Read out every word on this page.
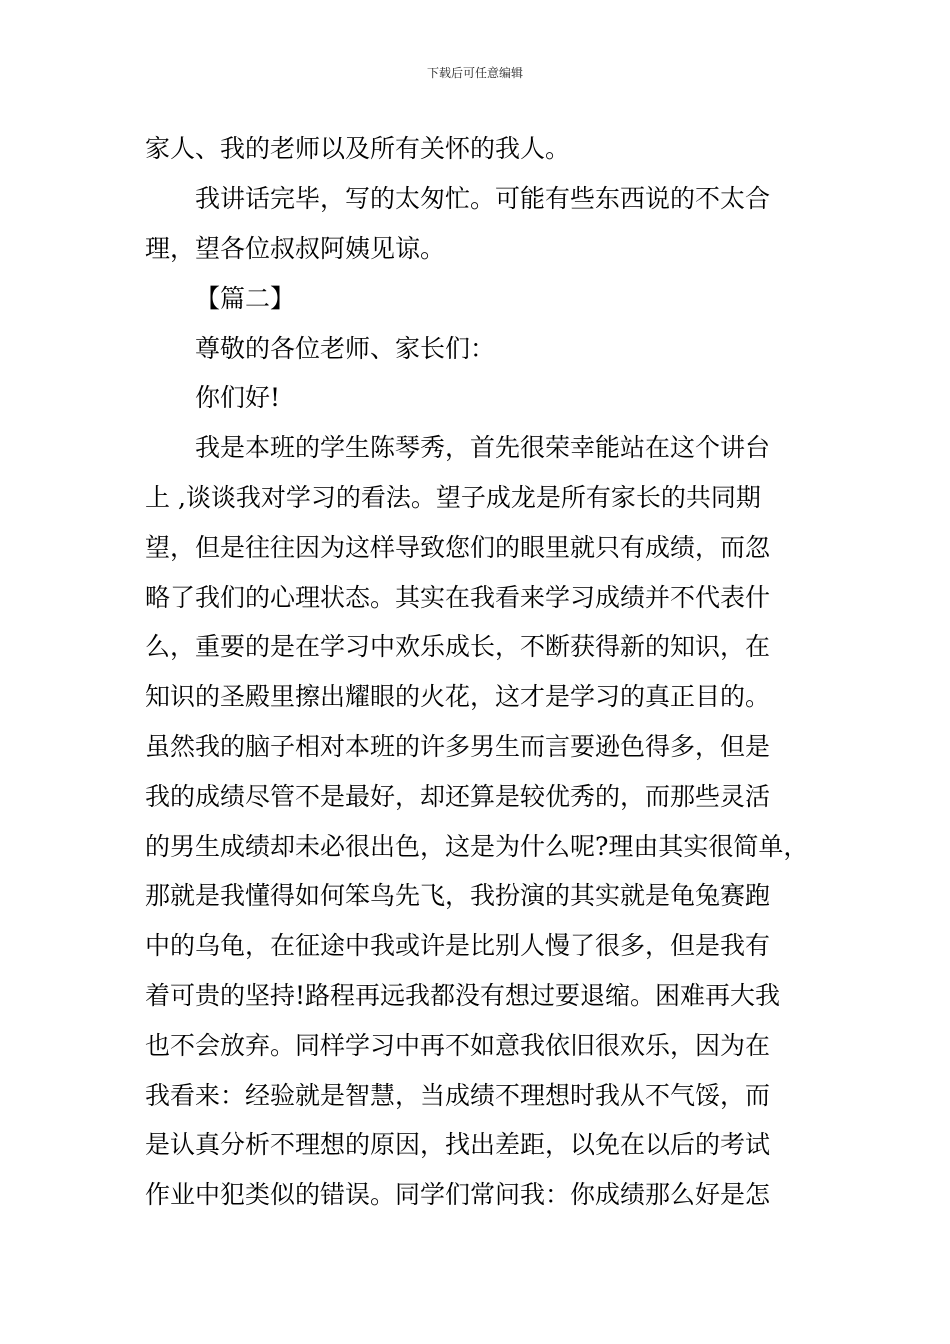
下载后可任意编辑
家人、我的老师以及所有关怀的我人。
我讲话完毕，写的太匆忙。可能有些东西说的不太合
理，望各位叔叔阿姨见谅。
【篇二】
尊敬的各位老师、家长们：
你们好!
我是本班的学生陈琴秀，首先很荣幸能站在这个讲台
上 ,谈谈我对学习的看法。望子成龙是所有家长的共同期
望，但是往往因为这样导致您们的眼里就只有成绩，而忽
略了我们的心理状态。其实在我看来学习成绩并不代表什
么，重要的是在学习中欢乐成长，不断获得新的知识，在
知识的圣殿里擦出耀眼的火花，这才是学习的真正目的。
虽然我的脑子相对本班的许多男生而言要逊色得多，但是
我的成绩尽管不是最好，却还算是较优秀的，而那些灵活
的男生成绩却未必很出色，这是为什么呢?理由其实很简单，
那就是我懂得如何笨鸟先飞，我扮演的其实就是龟兔赛跑
中的乌龟，在征途中我或许是比别人慢了很多，但是我有
着可贵的坚持!路程再远我都没有想过要退缩。困难再大我
也不会放弃。同样学习中再不如意我依旧很欢乐，因为在
我看来：经验就是智慧，当成绩不理想时我从不气馁，而
是认真分析不理想的原因，找出差距，以免在以后的考试
作业中犯类似的错误。同学们常问我：你成绩那么好是怎
